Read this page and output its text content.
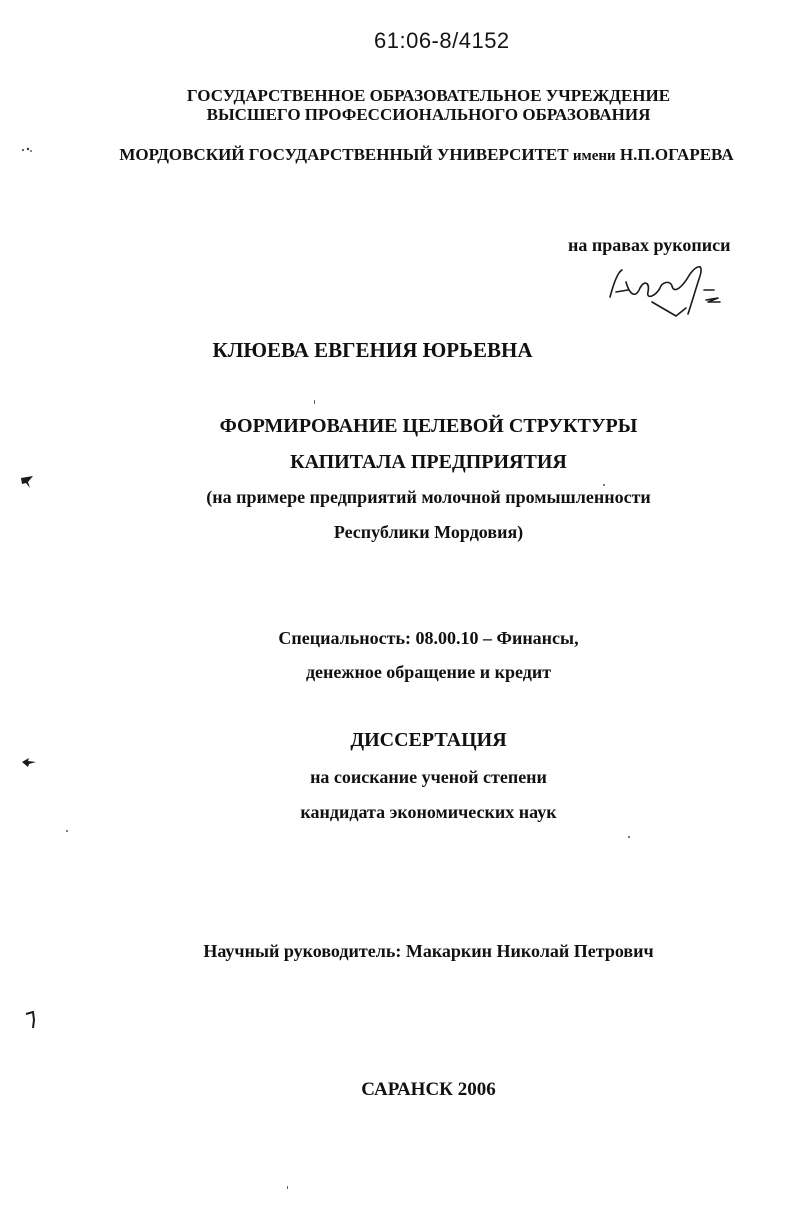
61:06-8/4152
ГОСУДАРСТВЕННОЕ ОБРАЗОВАТЕЛЬНОЕ УЧРЕЖДЕНИЕ
ВЫСШЕГО ПРОФЕССИОНАЛЬНОГО ОБРАЗОВАНИЯ
МОРДОВСКИЙ ГОСУДАРСТВЕННЫЙ УНИВЕРСИТЕТ имени Н.П.ОГАРЕВА
на правах рукописи
КЛЮЕВА ЕВГЕНИЯ ЮРЬЕВНА
ФОРМИРОВАНИЕ ЦЕЛЕВОЙ СТРУКТУРЫ
КАПИТАЛА ПРЕДПРИЯТИЯ
(на примере предприятий молочной промышленности
Республики Мордовия)
Специальность: 08.00.10 – Финансы,
денежное обращение и кредит
ДИССЕРТАЦИЯ
на соискание ученой степени
кандидата экономических наук
Научный руководитель: Макаркин Николай Петрович
САРАНСК 2006
